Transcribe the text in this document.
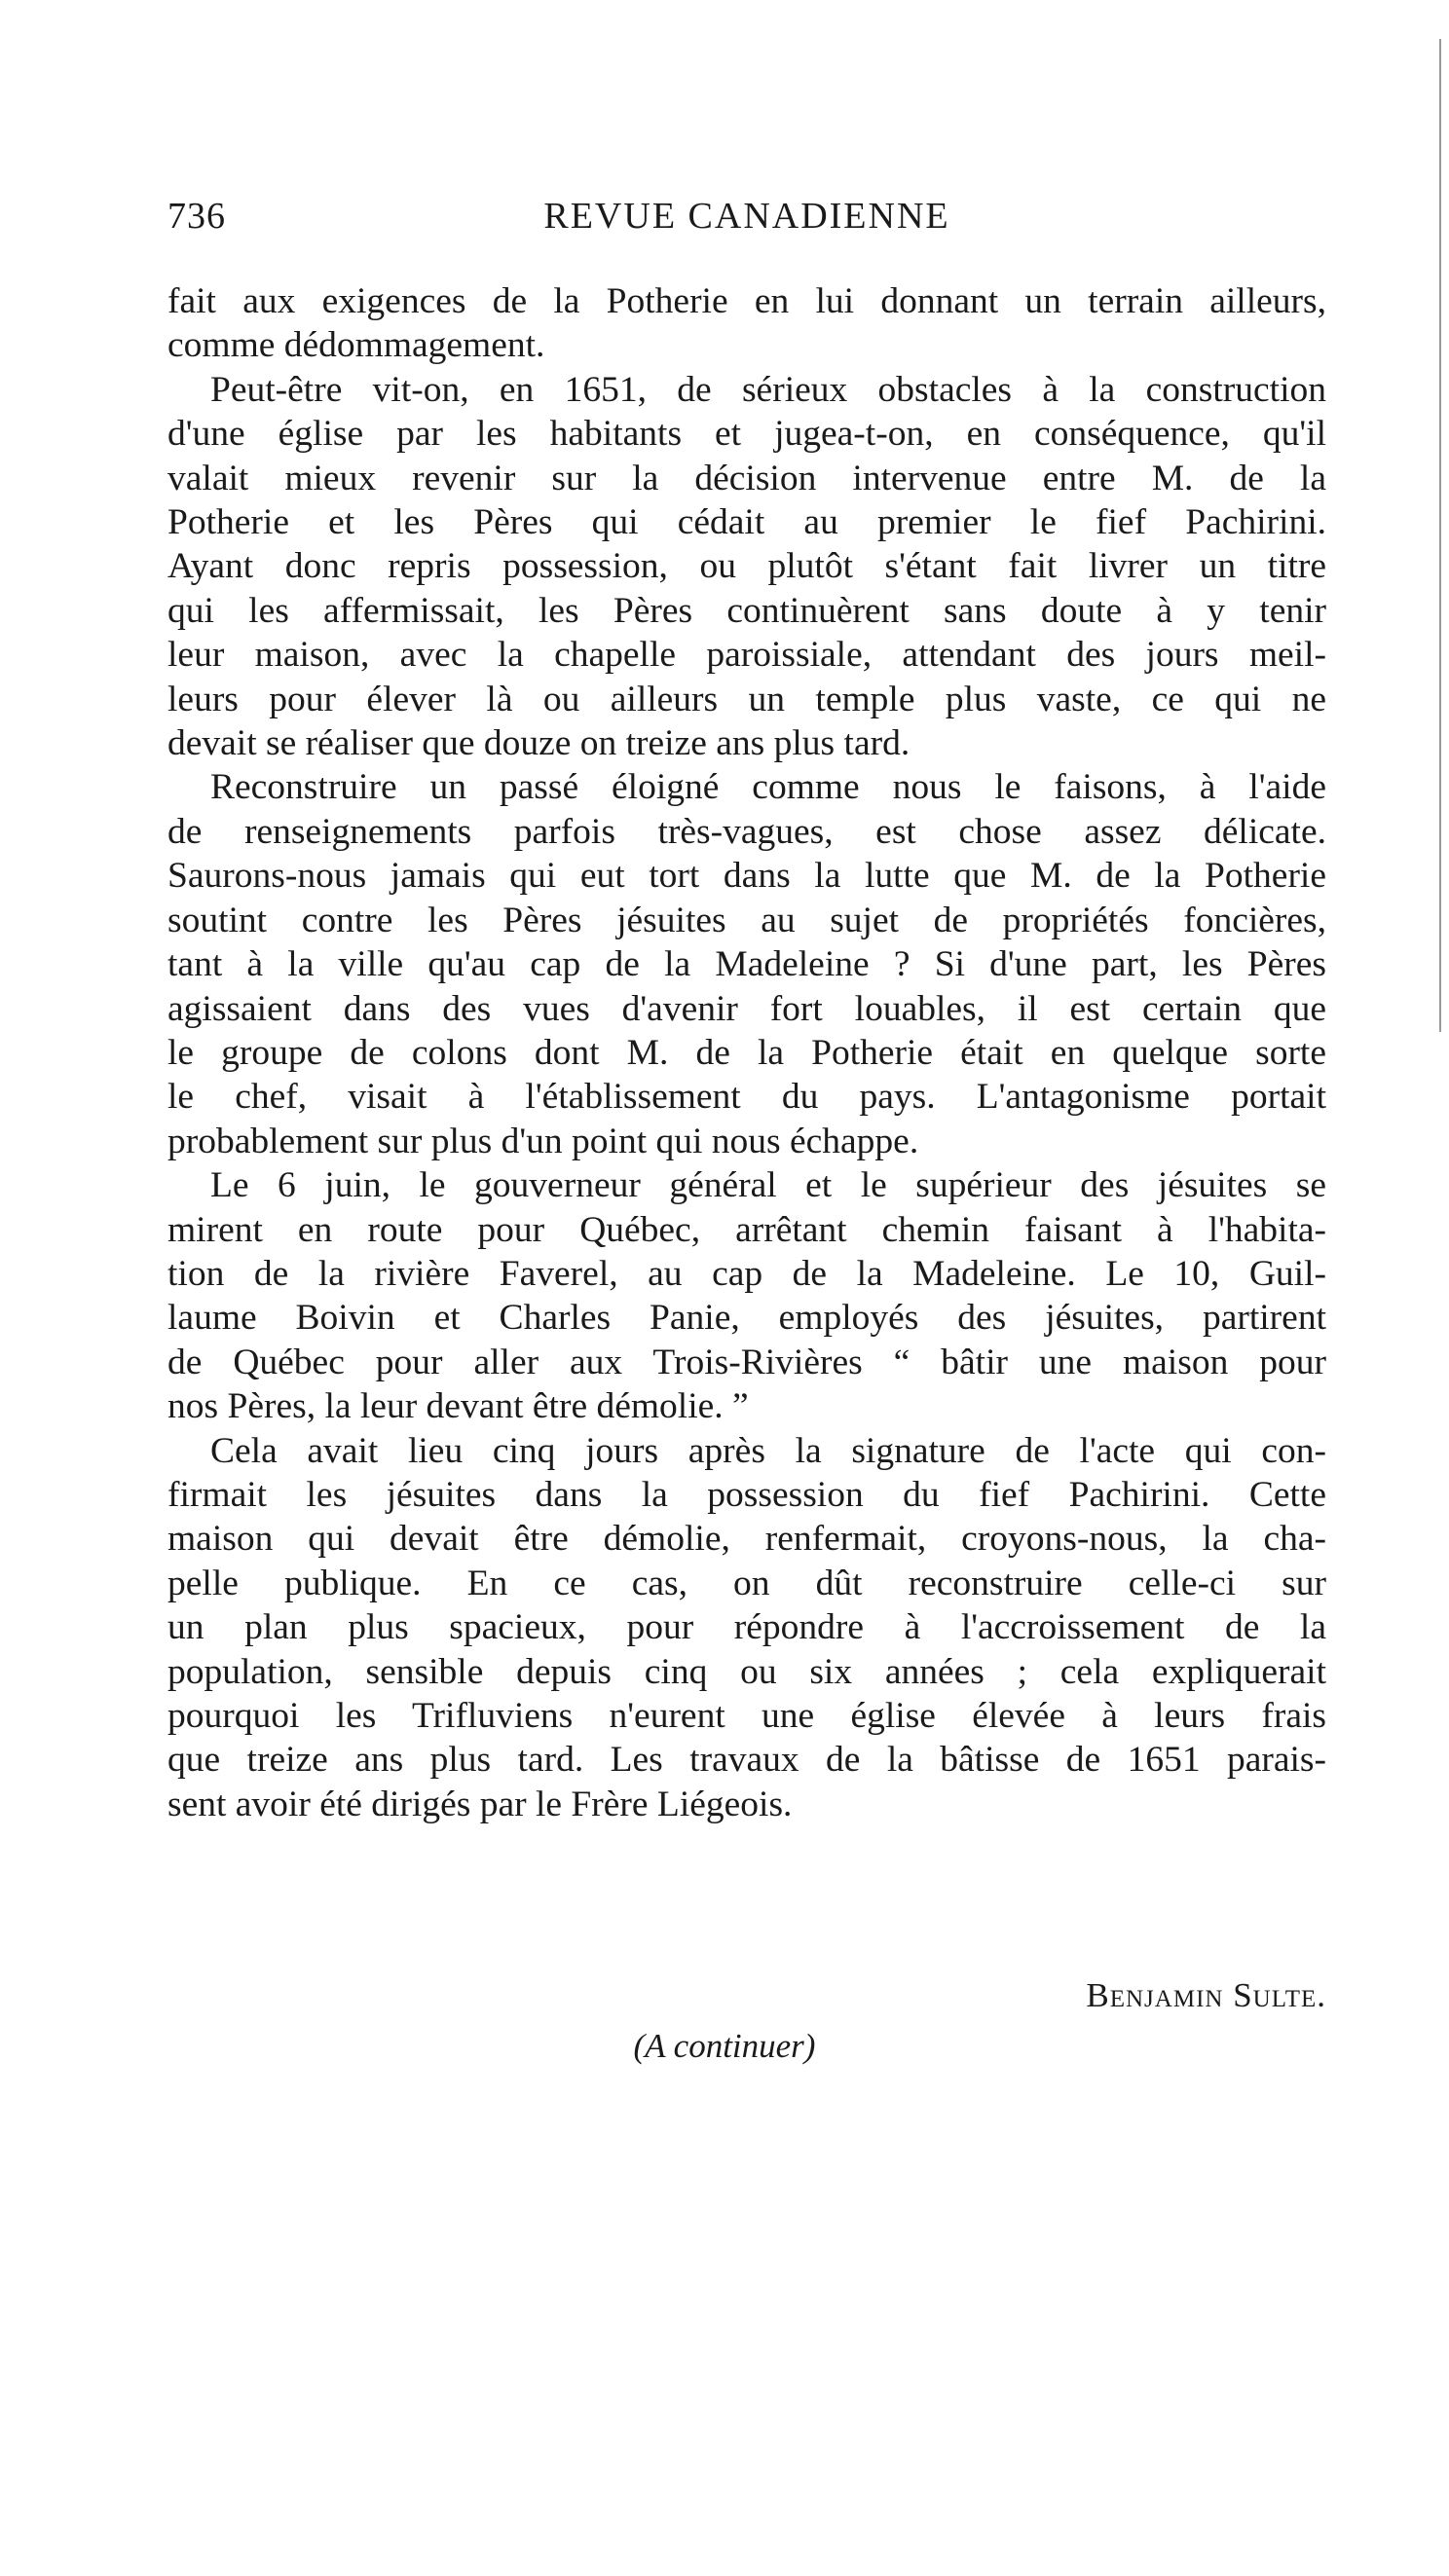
736	REVUE CANADIENNE
fait aux exigences de la Potherie en lui donnant un terrain ailleurs,
comme dédommagement.
Peut-être vit-on, en 1651, de sérieux obstacles à la construction
d'une église par les habitants et jugea-t-on, en conséquence, qu'il
valait mieux revenir sur la décision intervenue entre M. de la
Potherie et les Pères qui cédait au premier le fief Pachirini.
Ayant donc repris possession, ou plutôt s'étant fait livrer un titre
qui les affermissait, les Pères continuèrent sans doute à y tenir
leur maison, avec la chapelle paroissiale, attendant des jours meil-
leurs pour élever là ou ailleurs un temple plus vaste, ce qui ne
devait se réaliser que douze on treize ans plus tard.
Reconstruire un passé éloigné comme nous le faisons, à l'aide
de renseignements parfois très-vagues, est chose assez délicate.
Saurons-nous jamais qui eut tort dans la lutte que M. de la Potherie
soutint contre les Pères jésuites au sujet de propriétés foncières,
tant à la ville qu'au cap de la Madeleine ? Si d'une part, les Pères
agissaient dans des vues d'avenir fort louables, il est certain que
le groupe de colons dont M. de la Potherie était en quelque sorte
le chef, visait à l'établissement du pays. L'antagonisme portait
probablement sur plus d'un point qui nous échappe.
Le 6 juin, le gouverneur général et le supérieur des jésuites se
mirent en route pour Québec, arrêtant chemin faisant à l'habita-
tion de la rivière Faverel, au cap de la Madeleine. Le 10, Guil-
laume Boivin et Charles Panie, employés des jésuites, partirent
de Québec pour aller aux Trois-Rivières “ bâtir une maison pour
nos Pères, la leur devant être démolie. ”
Cela avait lieu cinq jours après la signature de l'acte qui con-
firmait les jésuites dans la possession du fief Pachirini. Cette
maison qui devait être démolie, renfermait, croyons-nous, la cha-
pelle publique. En ce cas, on dût reconstruire celle-ci sur
un plan plus spacieux, pour répondre à l'accroissement de la
population, sensible depuis cinq ou six années ; cela expliquerait
pourquoi les Trifluviens n'eurent une église élevée à leurs frais
que treize ans plus tard. Les travaux de la bâtisse de 1651 parais-
sent avoir été dirigés par le Frère Liégeois.
Benjamin Sulte.
(A continuer)
